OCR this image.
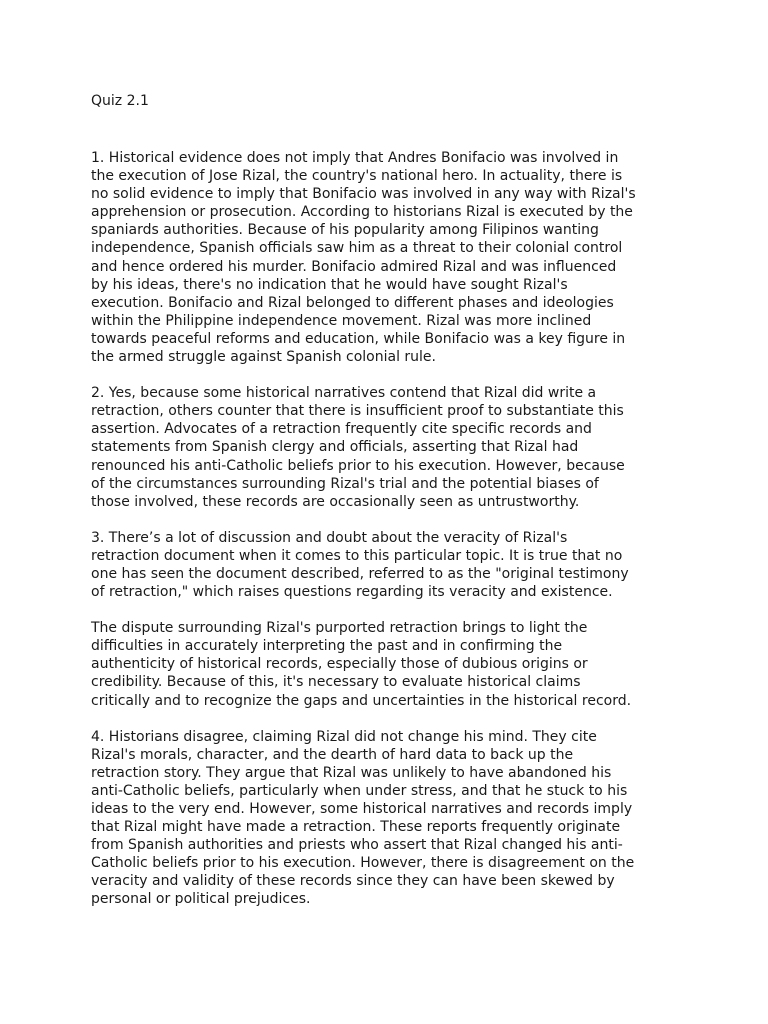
Quiz 2.1

1. Historical evidence does not imply that Andres Bonifacio was involved in
the execution of Jose Rizal, the country's national hero. In actuality, there is
no solid evidence to imply that Bonifacio was involved in any way with Rizal's
apprehension or prosecution. According to historians Rizal is executed by the
spaniards authorities. Because of his popularity among Filipinos wanting
independence, Spanish officials saw him as a threat to their colonial control
and hence ordered his murder. Bonifacio admired Rizal and was influenced
by his ideas, there's no indication that he would have sought Rizal's
execution. Bonifacio and Rizal belonged to different phases and ideologies
within the Philippine independence movement. Rizal was more inclined
towards peaceful reforms and education, while Bonifacio was a key figure in
the armed struggle against Spanish colonial rule.

2. Yes, because some historical narratives contend that Rizal did write a
retraction, others counter that there is insufficient proof to substantiate this
assertion. Advocates of a retraction frequently cite specific records and
statements from Spanish clergy and officials, asserting that Rizal had
renounced his anti-Catholic beliefs prior to his execution. However, because
of the circumstances surrounding Rizal's trial and the potential biases of
those involved, these records are occasionally seen as untrustworthy.

3. There’s a lot of discussion and doubt about the veracity of Rizal's
retraction document when it comes to this particular topic. It is true that no
one has seen the document described, referred to as the "original testimony
of retraction," which raises questions regarding its veracity and existence.

The dispute surrounding Rizal's purported retraction brings to light the
difficulties in accurately interpreting the past and in confirming the
authenticity of historical records, especially those of dubious origins or
credibility. Because of this, it's necessary to evaluate historical claims
critically and to recognize the gaps and uncertainties in the historical record.

4. Historians disagree, claiming Rizal did not change his mind. They cite
Rizal's morals, character, and the dearth of hard data to back up the
retraction story. They argue that Rizal was unlikely to have abandoned his
anti-Catholic beliefs, particularly when under stress, and that he stuck to his
ideas to the very end. However, some historical narratives and records imply
that Rizal might have made a retraction. These reports frequently originate
from Spanish authorities and priests who assert that Rizal changed his anti-
Catholic beliefs prior to his execution. However, there is disagreement on the
veracity and validity of these records since they can have been skewed by
personal or political prejudices.
